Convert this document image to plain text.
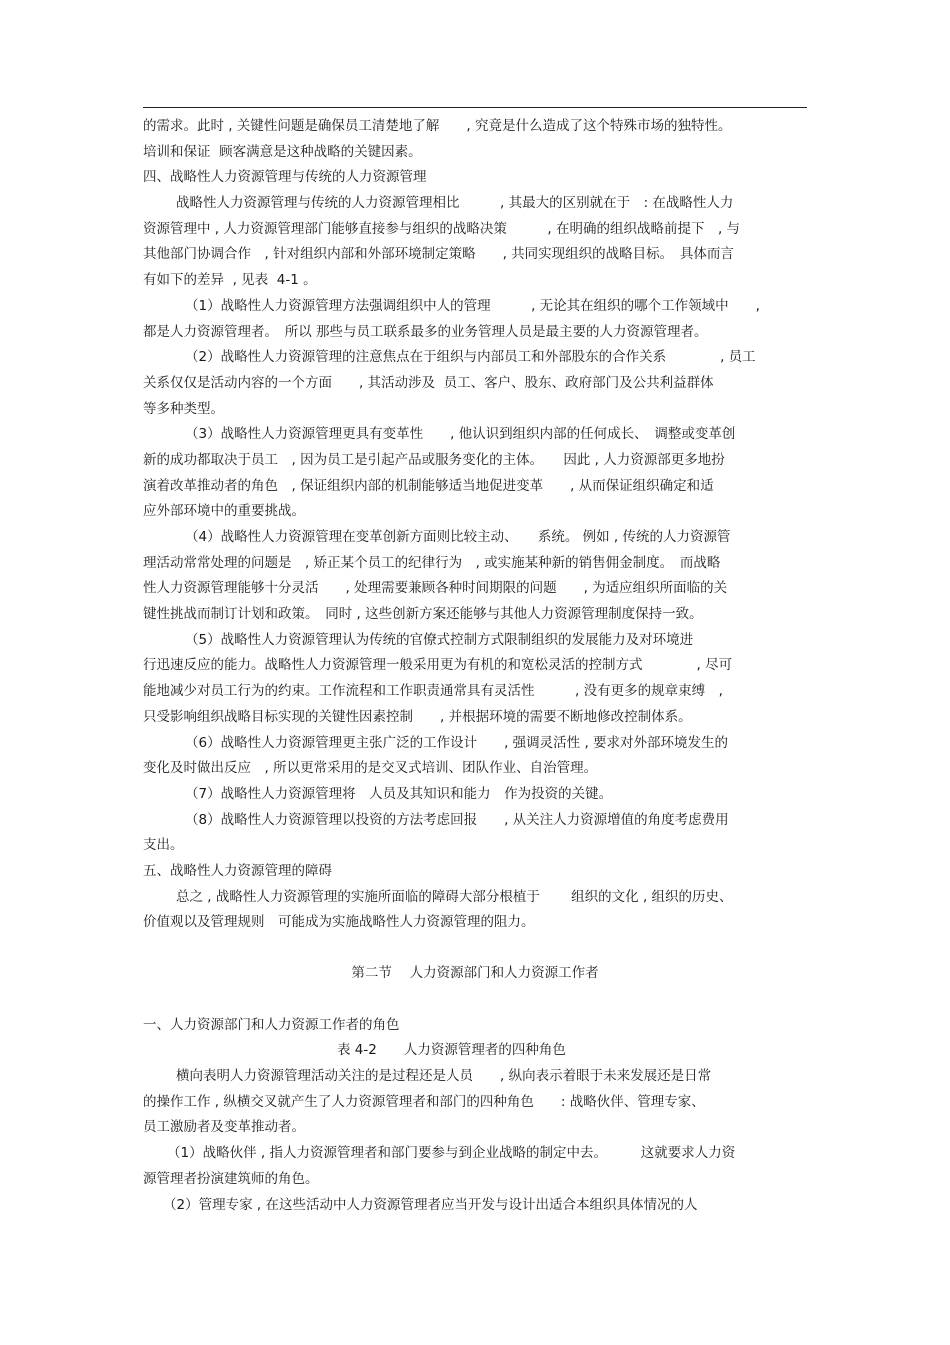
的需求。此时 , 关键性问题是确保员工清楚地了解　　, 究竟是什么造成了这个特殊市场的独特性。
培训和保证  顾客满意是这种战略的关键因素。
四、战略性人力资源管理与传统的人力资源管理
战略性人力资源管理与传统的人力资源管理相比　　　, 其最大的区别就在于　: 在战略性人力
资源管理中 , 人力资源管理部门能够直接参与组织的战略决策　　　, 在明确的组织战略前提下　, 与
其他部门协调合作　, 针对组织内部和外部环境制定策略　　, 共同实现组织的战略目标。　具体而言
有如下的差异  , 见表  4-1 。
（1）战略性人力资源管理方法强调组织中人的管理　　　, 无论其在组织的哪个工作领域中　　,
都是人力资源管理者。　所以 那些与员工联系最多的业务管理人员是最主要的人力资源管理者。
（2）战略性人力资源管理的注意焦点在于组织与内部员工和外部股东的合作关系　　　　, 员工
关系仅仅是活动内容的一个方面　　, 其活动涉及  员工、客户、股东、政府部门及公共利益群体
等多种类型。
（3）战略性人力资源管理更具有变革性　　, 他认识到组织内部的任何成长、　调整或变革创
新的成功都取决于员工　, 因为员工是引起产品或服务变化的主体。　　因此 , 人力资源部更多地扮
演着改革推动者的角色　, 保证组织内部的机制能够适当地促进变革　　, 从而保证组织确定和适
应外部环境中的重要挑战。
（4）战略性人力资源管理在变革创新方面则比较主动、　　系统。 例如 , 传统的人力资源管
理活动常常处理的问题是　, 矫正某个员工的纪律行为　, 或实施某种新的销售佣金制度。　而战略
性人力资源管理能够十分灵活　　, 处理需要兼顾各种时间期限的问题　　, 为适应组织所面临的关
键性挑战而制订计划和政策。　同时 , 这些创新方案还能够与其他人力资源管理制度保持一致。
（5）战略性人力资源管理认为传统的官僚式控制方式限制组织的发展能力及对环境进
行迅速反应的能力。战略性人力资源管理一般采用更为有机的和宽松灵活的控制方式　　　　, 尽可
能地减少对员工行为的约束。工作流程和工作职责通常具有灵活性　　　, 没有更多的规章束缚　,
只受影响组织战略目标实现的关键性因素控制　　, 并根据环境的需要不断地修改控制体系。
（6）战略性人力资源管理更主张广泛的工作设计　　, 强调灵活性 , 要求对外部环境发生的
变化及时做出反应　, 所以更常采用的是交叉式培训、团队作业、自治管理。
（7）战略性人力资源管理将　人员及其知识和能力　作为投资的关键。
（8）战略性人力资源管理以投资的方法考虑回报　　, 从关注人力资源增值的角度考虑费用
支出。
五、战略性人力资源管理的障碍
总之 , 战略性人力资源管理的实施所面临的障碍大部分根植于　　 组织的文化 , 组织的历史、
价值观以及管理规则　可能成为实施战略性人力资源管理的阻力。
第二节　 人力资源部门和人力资源工作者
一、人力资源部门和人力资源工作者的角色
表 4-2　　人力资源管理者的四种角色
横向表明人力资源管理活动关注的是过程还是人员　　, 纵向表示着眼于未来发展还是日常
的操作工作 , 纵横交叉就产生了人力资源管理者和部门的四种角色　　: 战略伙伴、管理专家、
员工激励者及变革推动者。
（1）战略伙伴 , 指人力资源管理者和部门要参与到企业战略的制定中去。　　　这就要求人力资
源管理者扮演建筑师的角色。
（2）管理专家 , 在这些活动中人力资源管理者应当开发与设计出适合本组织具体情况的人
